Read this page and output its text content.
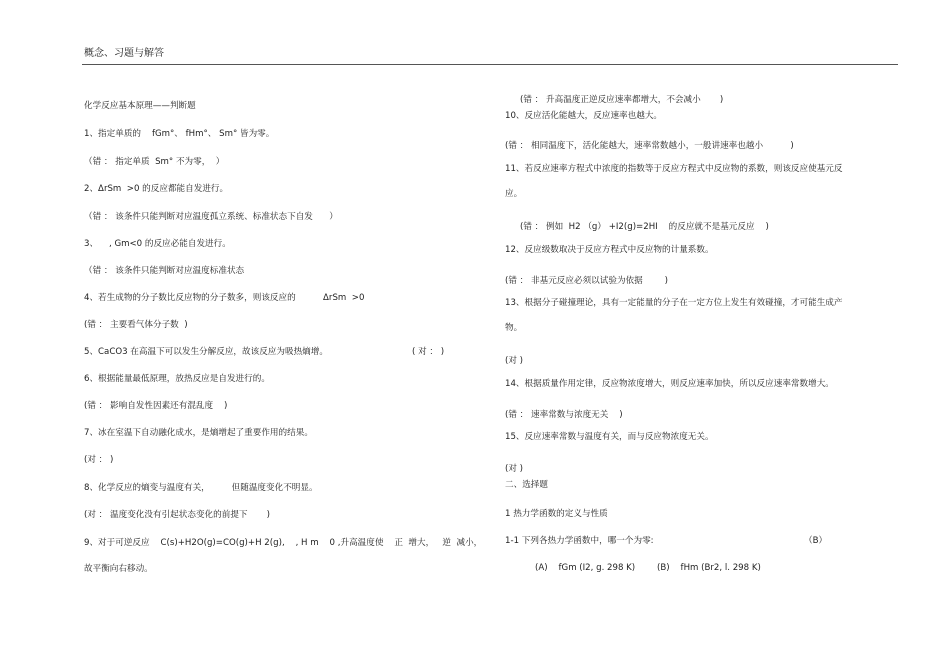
概念、习题与解答
化学反应基本原理——判断题
1、指定单质的    fGm°、 fHm°、 Sm° 皆为零。
（错 ： 指定单质  Sm° 不为零，  ）
2、ΔrSm  >0 的反应都能自发进行。
（错 ： 该条件只能判断对应温度孤立系统、标准状态下自发      ）
3、    , Gm<0 的反应必能自发进行。
（错 ： 该条件只能判断对应温度标准状态
4、若生成物的分子数比反应物的分子数多，则该反应的          ΔrSm  >0
(错 ： 主要看气体分子数  )
5、CaCO3 在高温下可以发生分解反应，故该反应为吸热熵增。	( 对 ： )
6、根据能量最低原理，放热反应是自发进行的。
(错 ： 影响自发性因素还有混乱度    )
7、冰在室温下自动融化成水，是熵增起了重要作用的结果。
(对 ： )
8、化学反应的熵变与温度有关，        但随温度变化不明显。
(对 ： 温度变化没有引起状态变化的前提下       )
9、对于可逆反应    C(s)+H2O(g)=CO(g)+H 2(g),    , H m    0 ,升高温度使    正  增大，   逆  减小，
故平衡向右移动。
(错 ： 升高温度正逆反应速率都增大，不会减小       )
10、反应活化能越大，反应速率也越大。
(错 ： 相同温度下，活化能越大，速率常数越小，一般讲速率也越小          )
11、若反应速率方程式中浓度的指数等于反应方程式中反应物的系数，则该反应使基元反
应。
(错 ： 例如  H2 （g） +I2(g)=2HI    的反应就不是基元反应    )
12、反应级数取决于反应方程式中反应物的计量系数。
(错 ： 非基元反应必须以试验为依据        )
13、根据分子碰撞理论，具有一定能量的分子在一定方位上发生有效碰撞，才可能生成产
物。
(对 )
14、根据质量作用定律，反应物浓度增大，则反应速率加快，所以反应速率常数增大。
(错 ： 速率常数与浓度无关    )
15、反应速率常数与温度有关，而与反应物浓度无关。
(对 )
二、选择题
1 热力学函数的定义与性质
1-1 下列各热力学函数中，哪一个为零:	（B）
(A)    fGm (I2, g. 298 K)        (B)    fHm (Br2, l. 298 K)
